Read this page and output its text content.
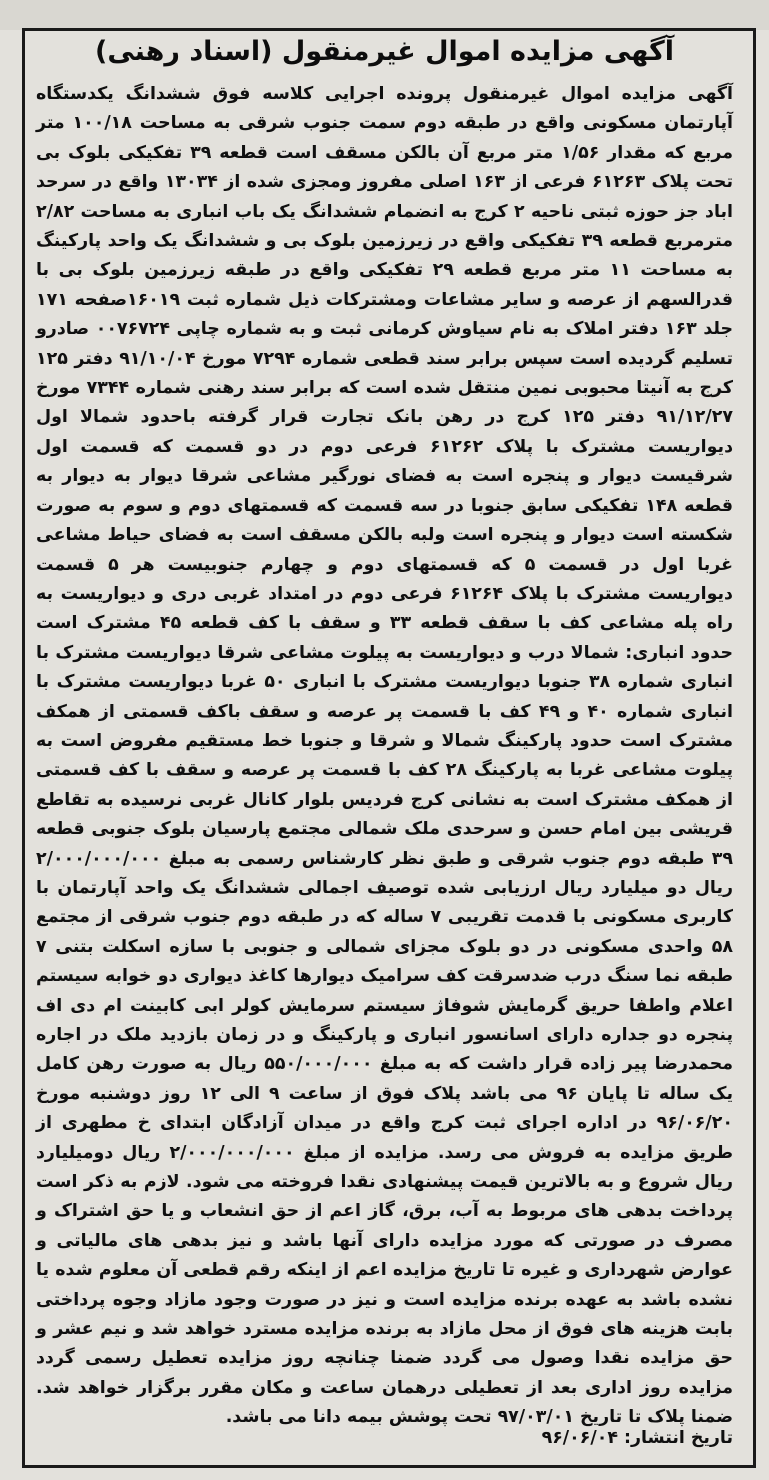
آگهی مزایده اموال غیرمنقول (اسناد رهنی)
آگهی مزایده اموال غیرمنقول پرونده اجرایی کلاسه فوق ششدانگ یکدستگاه آپارتمان مسکونی واقع در طبقه دوم سمت جنوب شرقی به مساحت ۱۰۰/۱۸ متر مربع که مقدار ۱/۵۶ متر مربع آن بالکن مسقف است قطعه ۳۹ تفکیکی بلوک بی تحت پلاک ۶۱۲۶۳ فرعی از ۱۶۳ اصلی مفروز ومجزی شده از ۱۳۰۳۴ واقع در سرحد اباد جز حوزه ثبتی ناحیه ۲ کرج به انضمام ششدانگ یک باب انباری به مساحت ۲/۸۲ مترمربع قطعه ۳۹ تفکیکی واقع در زیرزمین بلوک بی و ششدانگ یک واحد پارکینگ به مساحت ۱۱ متر مربع قطعه ۲۹ تفکیکی واقع در طبقه زیرزمین بلوک بی با قدرالسهم از عرصه و سایر مشاعات ومشترکات ذیل شماره ثبت ۱۶۰۱۹صفحه ۱۷۱ جلد ۱۶۳ دفتر املاک به نام سیاوش کرمانی ثبت و به شماره چاپی ۰۰۷۶۷۲۴ صادرو تسلیم گردیده است سپس برابر سند قطعی شماره ۷۲۹۴ مورخ ۹۱/۱۰/۰۴ دفتر ۱۲۵ کرج به آنیتا محبوبی نمین منتقل شده است که برابر سند رهنی شماره ۷۳۴۴ مورخ ۹۱/۱۲/۲۷ دفتر ۱۲۵ کرج در رهن بانک تجارت قرار گرفته باحدود شمالا اول دیواریست مشترک با پلاک ۶۱۲۶۲ فرعی دوم در دو قسمت که قسمت اول شرقیست دیوار و پنجره است به فضای نورگیر مشاعی شرقا دیوار به دیوار به قطعه ۱۴۸ تفکیکی سابق جنوبا در سه قسمت که قسمتهای دوم و سوم به صورت شکسته است دیوار و پنجره است ولبه بالکن مسقف است به فضای حیاط مشاعی غربا اول در قسمت ۵ که قسمتهای دوم و چهارم جنوبیست هر ۵ قسمت دیواریست مشترک با پلاک ۶۱۲۶۴ فرعی دوم در امتداد غربی دری و دیواریست به راه پله مشاعی کف با سقف قطعه ۳۳ و سقف با کف قطعه ۴۵ مشترک است حدود انباری: شمالا درب و دیواریست به پیلوت مشاعی شرقا دیواریست مشترک با انباری شماره ۳۸ جنوبا دیواریست مشترک با انباری ۵۰ غربا دیواریست مشترک با انباری شماره ۴۰ و ۴۹ کف با قسمت پر عرصه و سقف باکف قسمتی از همکف مشترک است حدود پارکینگ شمالا و شرقا و جنوبا خط مستقیم مفروض است به پیلوت مشاعی غربا به پارکینگ ۲۸ کف با قسمت پر عرصه و سقف با کف قسمتی از همکف مشترک است به نشانی کرج فردیس بلوار کانال غربی نرسیده به تقاطع قریشی بین امام حسن و سرحدی ملک شمالی مجتمع پارسیان بلوک جنوبی قطعه ۳۹ طبقه دوم جنوب شرقی و طبق نظر کارشناس رسمی به مبلغ ۲/۰۰۰/۰۰۰/۰۰۰ ریال دو میلیارد ریال ارزیابی شده توصیف اجمالی ششدانگ یک واحد آپارتمان با کاربری مسکونی با قدمت تقریبی ۷ ساله که در طبقه دوم جنوب شرقی از مجتمع ۵۸ واحدی مسکونی در دو بلوک مجزای شمالی و جنوبی با سازه اسکلت بتنی ۷ طبقه نما سنگ درب ضدسرقت کف سرامیک دیوارها کاغذ دیواری دو خوابه سیستم اعلام واطفا حریق گرمایش شوفاژ سیستم سرمایش کولر ابی کابینت ام دی اف پنجره دو جداره دارای اسانسور انباری و پارکینگ و در زمان بازدید ملک در اجاره محمدرضا پیر زاده قرار داشت که به مبلغ ۵۵۰/۰۰۰/۰۰۰ ریال به صورت رهن کامل یک ساله تا پایان ۹۶ می باشد پلاک فوق از ساعت ۹ الی ۱۲ روز دوشنبه مورخ ۹۶/۰۶/۲۰ در اداره اجرای ثبت کرج واقع در میدان آزادگان ابتدای خ مطهری از طریق مزایده به فروش می رسد. مزایده از مبلغ ۲/۰۰۰/۰۰۰/۰۰۰ ریال دومیلیارد ریال شروع و به بالاترین قیمت پیشنهادی نقدا فروخته می شود. لازم به ذکر است پرداخت بدهی های مربوط به آب، برق، گاز اعم از حق انشعاب و یا حق اشتراک و مصرف در صورتی که مورد مزایده دارای آنها باشد و نیز بدهی های مالیاتی و عوارض شهرداری و غیره تا تاریخ مزایده اعم از اینکه رقم قطعی آن معلوم شده یا نشده باشد به عهده برنده مزایده است و نیز در صورت وجود مازاد وجوه پرداختی بابت هزینه های فوق از محل مازاد به برنده مزایده مسترد خواهد شد و نیم عشر و حق مزایده نقدا وصول می گردد ضمنا چنانچه روز مزایده تعطیل رسمی گردد مزایده روز اداری بعد از تعطیلی درهمان ساعت و مکان مقرر برگزار خواهد شد. ضمنا پلاک تا تاریخ ۹۷/۰۳/۰۱ تحت پوشش بیمه دانا می باشد.
تاریخ انتشار: ۹۶/۰۶/۰۴
